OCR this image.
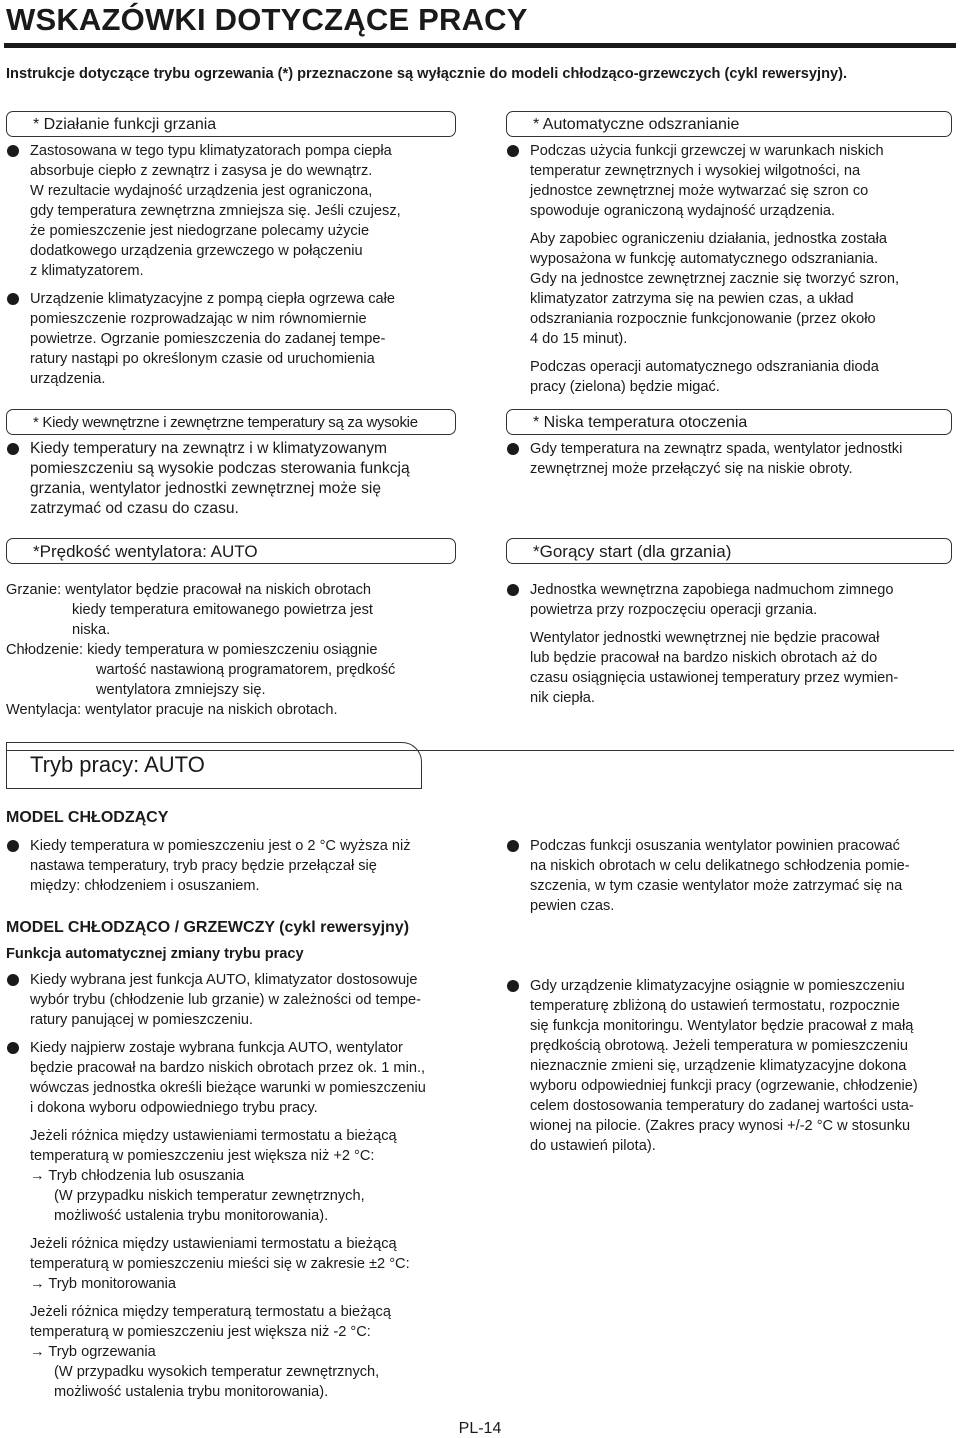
WSKAZÓWKI DOTYCZĄCE PRACY
Instrukcje dotyczące trybu ogrzewania (*) przeznaczone są wyłącznie do modeli chłodząco-grzewczych (cykl rewersyjny).
* Działanie funkcji grzania
Zastosowana w tego typu klimatyzatorach pompa ciepła
absorbuje ciepło z zewnątrz i zasysa je do wewnątrz.
W rezultacie wydajność urządzenia jest ograniczona,
gdy temperatura zewnętrzna zmniejsza się. Jeśli czujesz,
że pomieszczenie jest niedogrzane polecamy użycie
dodatkowego urządzenia grzewczego w połączeniu
z klimatyzatorem.
Urządzenie klimatyzacyjne z pompą ciepła ogrzewa całe
pomieszczenie rozprowadzając w nim równomiernie
powietrze. Ogrzanie pomieszczenia do zadanej tempe-
ratury nastąpi po określonym czasie od uruchomienia
urządzenia.
* Automatyczne odszranianie
Podczas użycia funkcji grzewczej w warunkach niskich
temperatur zewnętrznych i wysokiej wilgotności, na
jednostce zewnętrznej może wytwarzać się szron co
spowoduje ograniczoną wydajność urządzenia.
Aby zapobiec ograniczeniu działania, jednostka została
wyposażona w funkcję automatycznego odszraniania.
Gdy na jednostce zewnętrznej zacznie się tworzyć szron,
klimatyzator zatrzyma się na pewien czas, a układ
odszraniania rozpocznie funkcjonowanie (przez około
4 do 15 minut).
Podczas operacji automatycznego odszraniania dioda
pracy (zielona) będzie migać.
* Kiedy wewnętrzne i zewnętrzne temperatury są za wysokie
Kiedy temperatury na zewnątrz i w klimatyzowanym
pomieszczeniu są wysokie podczas sterowania funkcją
grzania, wentylator jednostki zewnętrznej może się
zatrzymać od czasu do czasu.
* Niska temperatura otoczenia
Gdy temperatura na zewnątrz spada, wentylator jednostki
zewnętrznej może przełączyć się na niskie obroty.
*Prędkość wentylatora: AUTO
Grzanie: wentylator będzie pracował na niskich obrotach
kiedy temperatura emitowanego powietrza jest
niska.
Chłodzenie: kiedy temperatura w pomieszczeniu osiągnie
wartość nastawioną programatorem, prędkość
wentylatora zmniejszy się.
Wentylacja: wentylator pracuje na niskich obrotach.
*Gorący start (dla grzania)
Jednostka wewnętrzna zapobiega nadmuchom zimnego
powietrza przy rozpoczęciu operacji grzania.
Wentylator jednostki wewnętrznej nie będzie pracował
lub będzie pracował na bardzo niskich obrotach aż do
czasu osiągnięcia ustawionej temperatury przez wymien-
nik ciepła.
Tryb pracy: AUTO
MODEL CHŁODZĄCY
Kiedy temperatura w pomieszczeniu jest o 2 °C wyższa niż
nastawa temperatury, tryb pracy będzie przełączał się
między: chłodzeniem i osuszaniem.
MODEL CHŁODZĄCO / GRZEWCZY (cykl rewersyjny)
Funkcja automatycznej zmiany trybu pracy
Kiedy wybrana jest funkcja AUTO, klimatyzator dostosowuje
wybór trybu (chłodzenie lub grzanie) w zależności od tempe-
ratury panującej w pomieszczeniu.
Kiedy najpierw zostaje wybrana funkcja AUTO, wentylator
będzie pracował na bardzo niskich obrotach przez ok. 1 min.,
wówczas jednostka określi bieżące warunki w pomieszczeniu
i dokona wyboru odpowiedniego trybu pracy.
Jeżeli różnica między ustawieniami termostatu a bieżącą
temperaturą w pomieszczeniu jest większa niż +2 °C:
→ Tryb chłodzenia lub osuszania
(W przypadku niskich temperatur zewnętrznych,
możliwość ustalenia trybu monitorowania).
Jeżeli różnica między ustawieniami termostatu a bieżącą
temperaturą w pomieszczeniu mieści się w zakresie ±2 °C:
→ Tryb monitorowania
Jeżeli różnica między temperaturą termostatu a bieżącą
temperaturą w pomieszczeniu jest większa niż -2 °C:
→ Tryb ogrzewania
(W przypadku wysokich temperatur zewnętrznych,
możliwość ustalenia trybu monitorowania).
Podczas funkcji osuszania wentylator powinien pracować
na niskich obrotach w celu delikatnego schłodzenia pomie-
szczenia, w tym czasie wentylator może zatrzymać się na
pewien czas.
Gdy urządzenie klimatyzacyjne osiągnie w pomieszczeniu
temperaturę zbliżoną do ustawień termostatu, rozpocznie
się funkcja monitoringu. Wentylator będzie pracował z małą
prędkością obrotową. Jeżeli temperatura w pomieszczeniu
nieznacznie zmieni się, urządzenie klimatyzacyjne dokona
wyboru odpowiedniej funkcji pracy (ogrzewanie, chłodzenie)
celem dostosowania temperatury do zadanej wartości ustа-
wionej na pilocie. (Zakres pracy wynosi +/-2 °C w stosunku
do ustawień pilota).
PL-14
